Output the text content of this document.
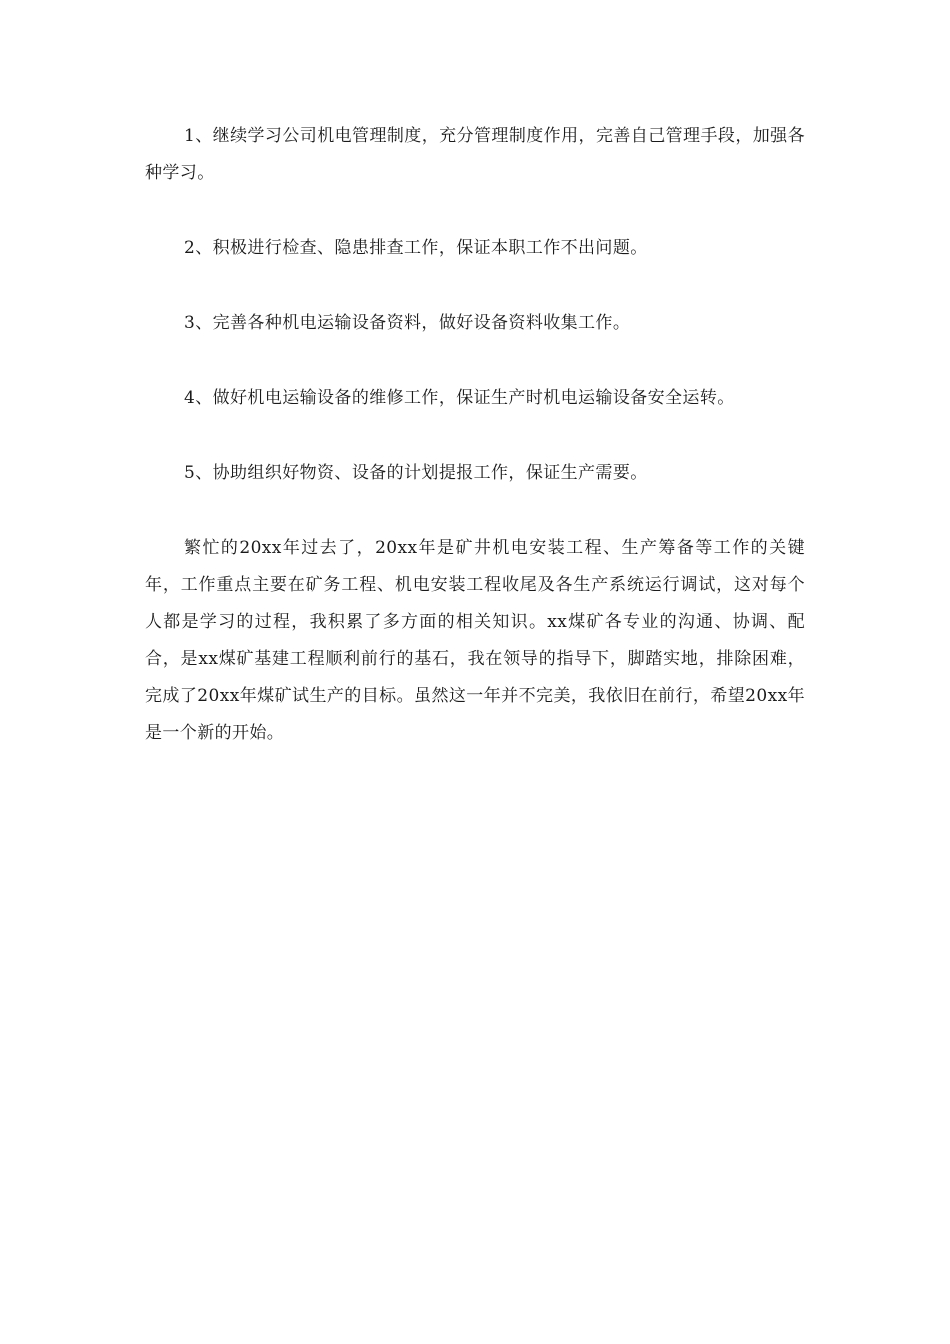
1、继续学习公司机电管理制度，充分管理制度作用，完善自己管理手段，加强各种学习。

2、积极进行检查、隐患排查工作，保证本职工作不出问题。

3、完善各种机电运输设备资料，做好设备资料收集工作。

4、做好机电运输设备的维修工作，保证生产时机电运输设备安全运转。

5、协助组织好物资、设备的计划提报工作，保证生产需要。

繁忙的20xx年过去了，20xx年是矿井机电安装工程、生产筹备等工作的关键年，工作重点主要在矿务工程、机电安装工程收尾及各生产系统运行调试，这对每个人都是学习的过程，我积累了多方面的相关知识。xx煤矿各专业的沟通、协调、配合，是xx煤矿基建工程顺利前行的基石，我在领导的指导下，脚踏实地，排除困难，完成了20xx年煤矿试生产的目标。虽然这一年并不完美，我依旧在前行，希望20xx年是一个新的开始。
